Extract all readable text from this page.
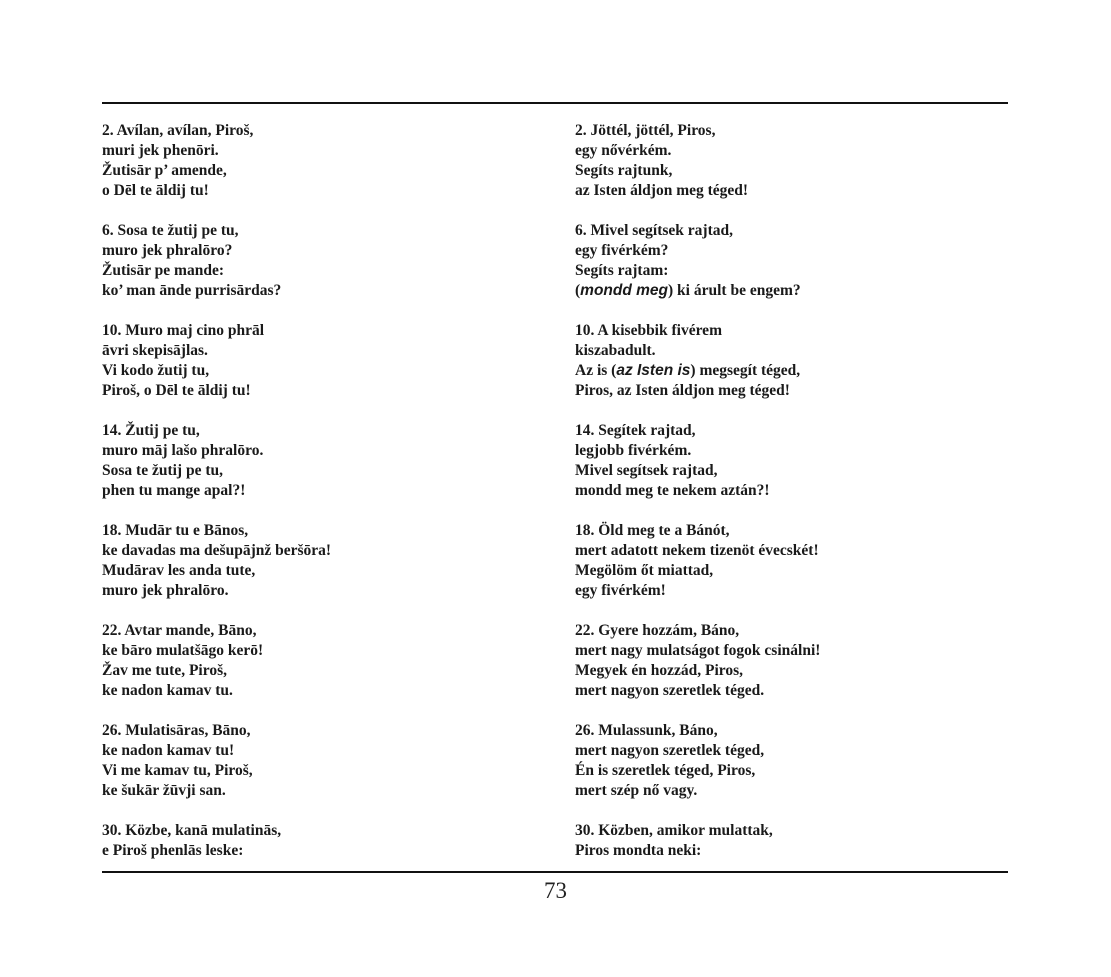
2. Avílan, avílan, Piroš,
muri jek phenōri.
Žutisār p’ amende,
o Dēl te āldij tu!
6. Sosa te žutij pe tu,
muro jek phralōro?
Žutisār pe mande:
ko’ man ānde purrisārdas?
10. Muro maj cino phrāl
āvri skepisājlas.
Vi kodo žutij tu,
Piroš, o Dēl te āldij tu!
14. Žutij pe tu,
muro māj lašo phralōro.
Sosa te žutij pe tu,
phen tu mange apal?!
18. Mudār tu e Bānos,
ke davadas ma dešupājnž beršōra!
Mudārav les anda tute,
muro jek phralōro.
22. Avtar mande, Bāno,
ke bāro mulatšāgo kerō!
Žav me tute, Piroš,
ke nadon kamav tu.
26. Mulatisāras, Bāno,
ke nadon kamav tu!
Vi me kamav tu, Piroš,
ke šukār žūvji san.
30. Közbe, kanā mulatinās,
e Piroš phenlās leske:
2. Jöttél, jöttél, Piros,
egy nővérkém.
Segíts rajtunk,
az Isten áldjon meg téged!
6. Mivel segítsek rajtad,
egy fivérkém?
Segíts rajtam:
(mondd meg) ki árult be engem?
10. A kisebbik fivérem
kiszabadult.
Az is (az Isten is) megsegít téged,
Piros, az Isten áldjon meg téged!
14. Segítek rajtad,
legjobb fivérkém.
Mivel segítsek rajtad,
mondd meg te nekem aztán?!
18. Öld meg te a Bánót,
mert adatott nekem tizenöt évecskét!
Megölöm őt miattad,
egy fivérkém!
22. Gyere hozzám, Báno,
mert nagy mulatságot fogok csinálni!
Megyek én hozzád, Piros,
mert nagyon szeretlek téged.
26. Mulassunk, Báno,
mert nagyon szeretlek téged,
Én is szeretlek téged, Piros,
mert szép nő vagy.
30. Közben, amikor mulattak,
Piros mondta neki:
73
